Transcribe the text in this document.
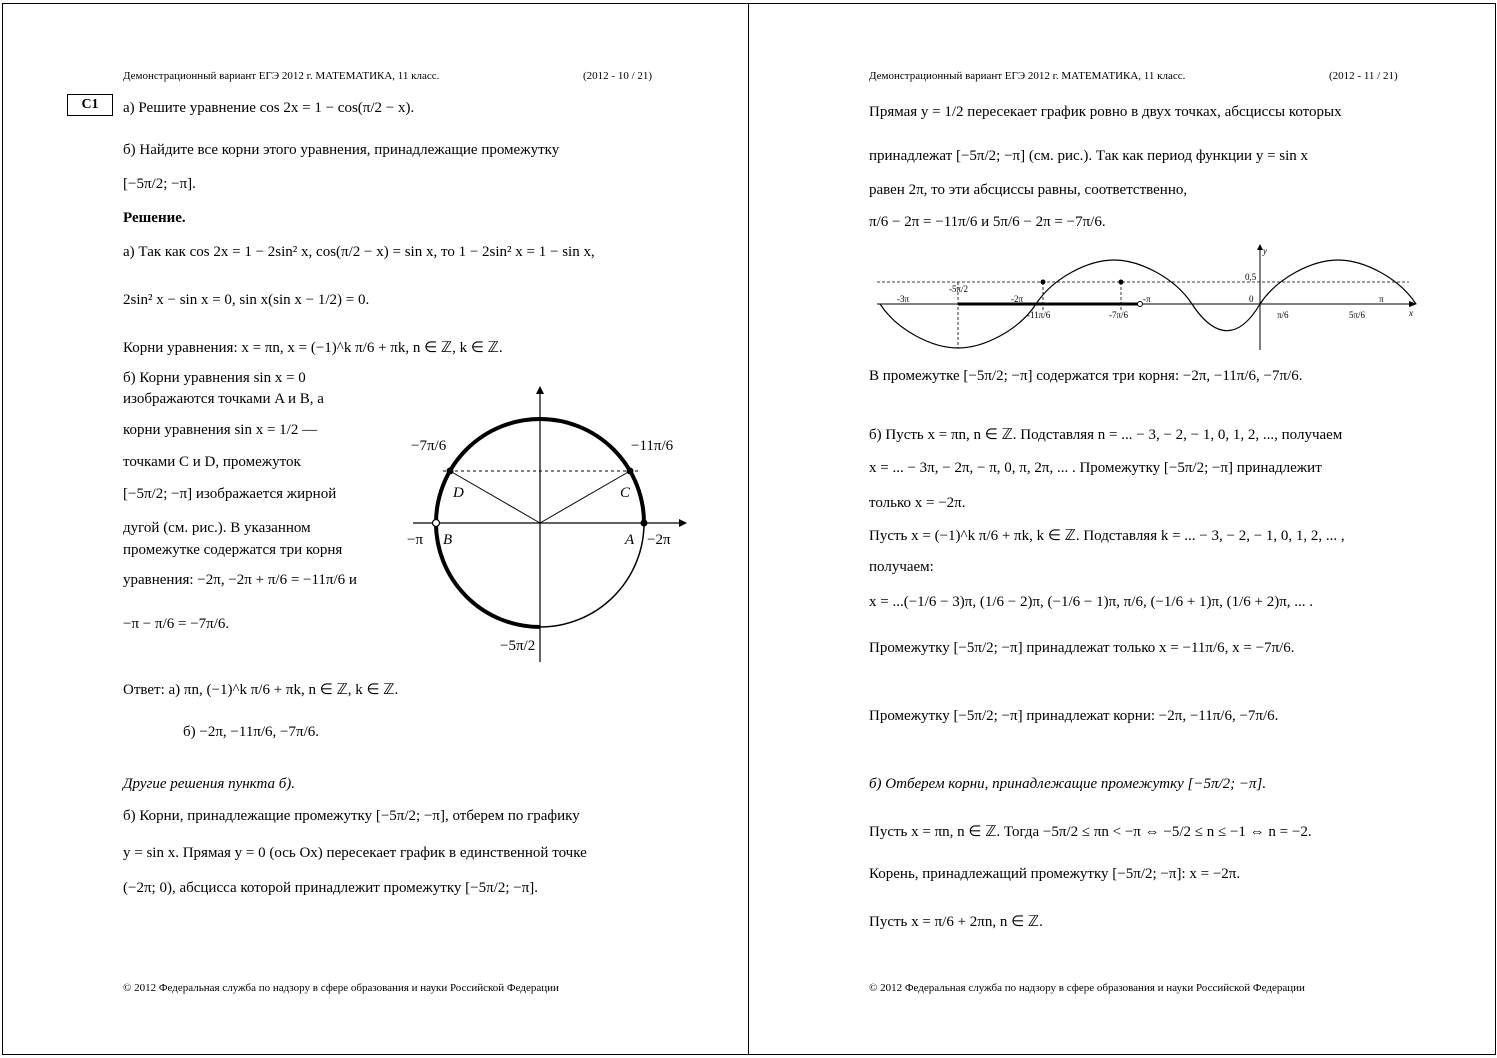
Демонстрационный вариант ЕГЭ 2012 г. МАТЕМАТИКА, 11 класс.	(2012 - 10 / 21)
С1	а) Решите уравнение cos 2x = 1 − cos(π/2 − x).
б) Найдите все корни этого уравнения, принадлежащие промежутку
[−5π/2; −π].
Решение.
а) Так как cos 2x = 1 − 2sin² x, cos(π/2 − x) = sin x, то 1 − 2sin² x = 1 − sin x,
2sin² x − sin x = 0, sin x(sin x − 1/2) = 0.
Корни уравнения: x = πn, x = (−1)^k π/6 + πk, n ∈ ℤ, k ∈ ℤ.
б) Корни уравнения sin x = 0
изображаются точками A и B, а
корни уравнения sin x = 1/2 —
точками C и D, промежуток
[−5π/2; −π] изображается жирной
дугой (см. рис.). В указанном
промежутке содержатся три корня
уравнения: −2π, −2π + π/6 = −11π/6 и
−π − π/6 = −7π/6.
D	C
B	A
−7π/6	−11π/6
−π	−2π
−5π/2
Ответ: а) πn, (−1)^k π/6 + πk, n ∈ ℤ, k ∈ ℤ.
б) −2π, −11π/6, −7π/6.
Другие решения пункта б).
б) Корни, принадлежащие промежутку [−5π/2; −π], отберем по графику
y = sin x. Прямая y = 0 (ось Ox) пересекает график в единственной точке
(−2π; 0), абсцисса которой принадлежит промежутку [−5π/2; −π].
© 2012 Федеральная служба по надзору в сфере образования и науки Российской Федерации
Демонстрационный вариант ЕГЭ 2012 г. МАТЕМАТИКА, 11 класс.	(2012 - 11 / 21)
Прямая y = 1/2 пересекает график ровно в двух точках, абсциссы которых
принадлежат [−5π/2; −π] (см. рис.). Так как период функции y = sin x
равен 2π, то эти абсциссы равны, соответственно,
π/6 − 2π = −11π/6 и 5π/6 − 2π = −7π/6.
-3π
-5π/2
-2π
-11π/6	-7π/6
-π	0
0,5
y
π/6	5π/6
π
x
В промежутке [−5π/2; −π] содержатся три корня: −2π, −11π/6, −7π/6.
б) Пусть x = πn, n ∈ ℤ. Подставляя n = ... − 3, − 2, − 1, 0, 1, 2, ..., получаем
x = ... − 3π, − 2π, − π, 0, π, 2π, ... . Промежутку [−5π/2; −π] принадлежит
только x = −2π.
Пусть x = (−1)^k π/6 + πk, k ∈ ℤ. Подставляя k = ... − 3, − 2, − 1, 0, 1, 2, ... ,
получаем:
x = ...(−1/6 − 3)π, (1/6 − 2)π, (−1/6 − 1)π, π/6, (−1/6 + 1)π, (1/6 + 2)π, ... .
Промежутку [−5π/2; −π] принадлежат только x = −11π/6, x = −7π/6.
Промежутку [−5π/2; −π] принадлежат корни: −2π, −11π/6, −7π/6.
б) Отберем корни, принадлежащие промежутку [−5π/2; −π].
Пусть x = πn, n ∈ ℤ. Тогда −5π/2 ≤ πn < −π ⇔ −5/2 ≤ n ≤ −1 ⇔ n = −2.
Корень, принадлежащий промежутку [−5π/2; −π]: x = −2π.
Пусть x = π/6 + 2πn, n ∈ ℤ.
© 2012 Федеральная служба по надзору в сфере образования и науки Российской Федерации
